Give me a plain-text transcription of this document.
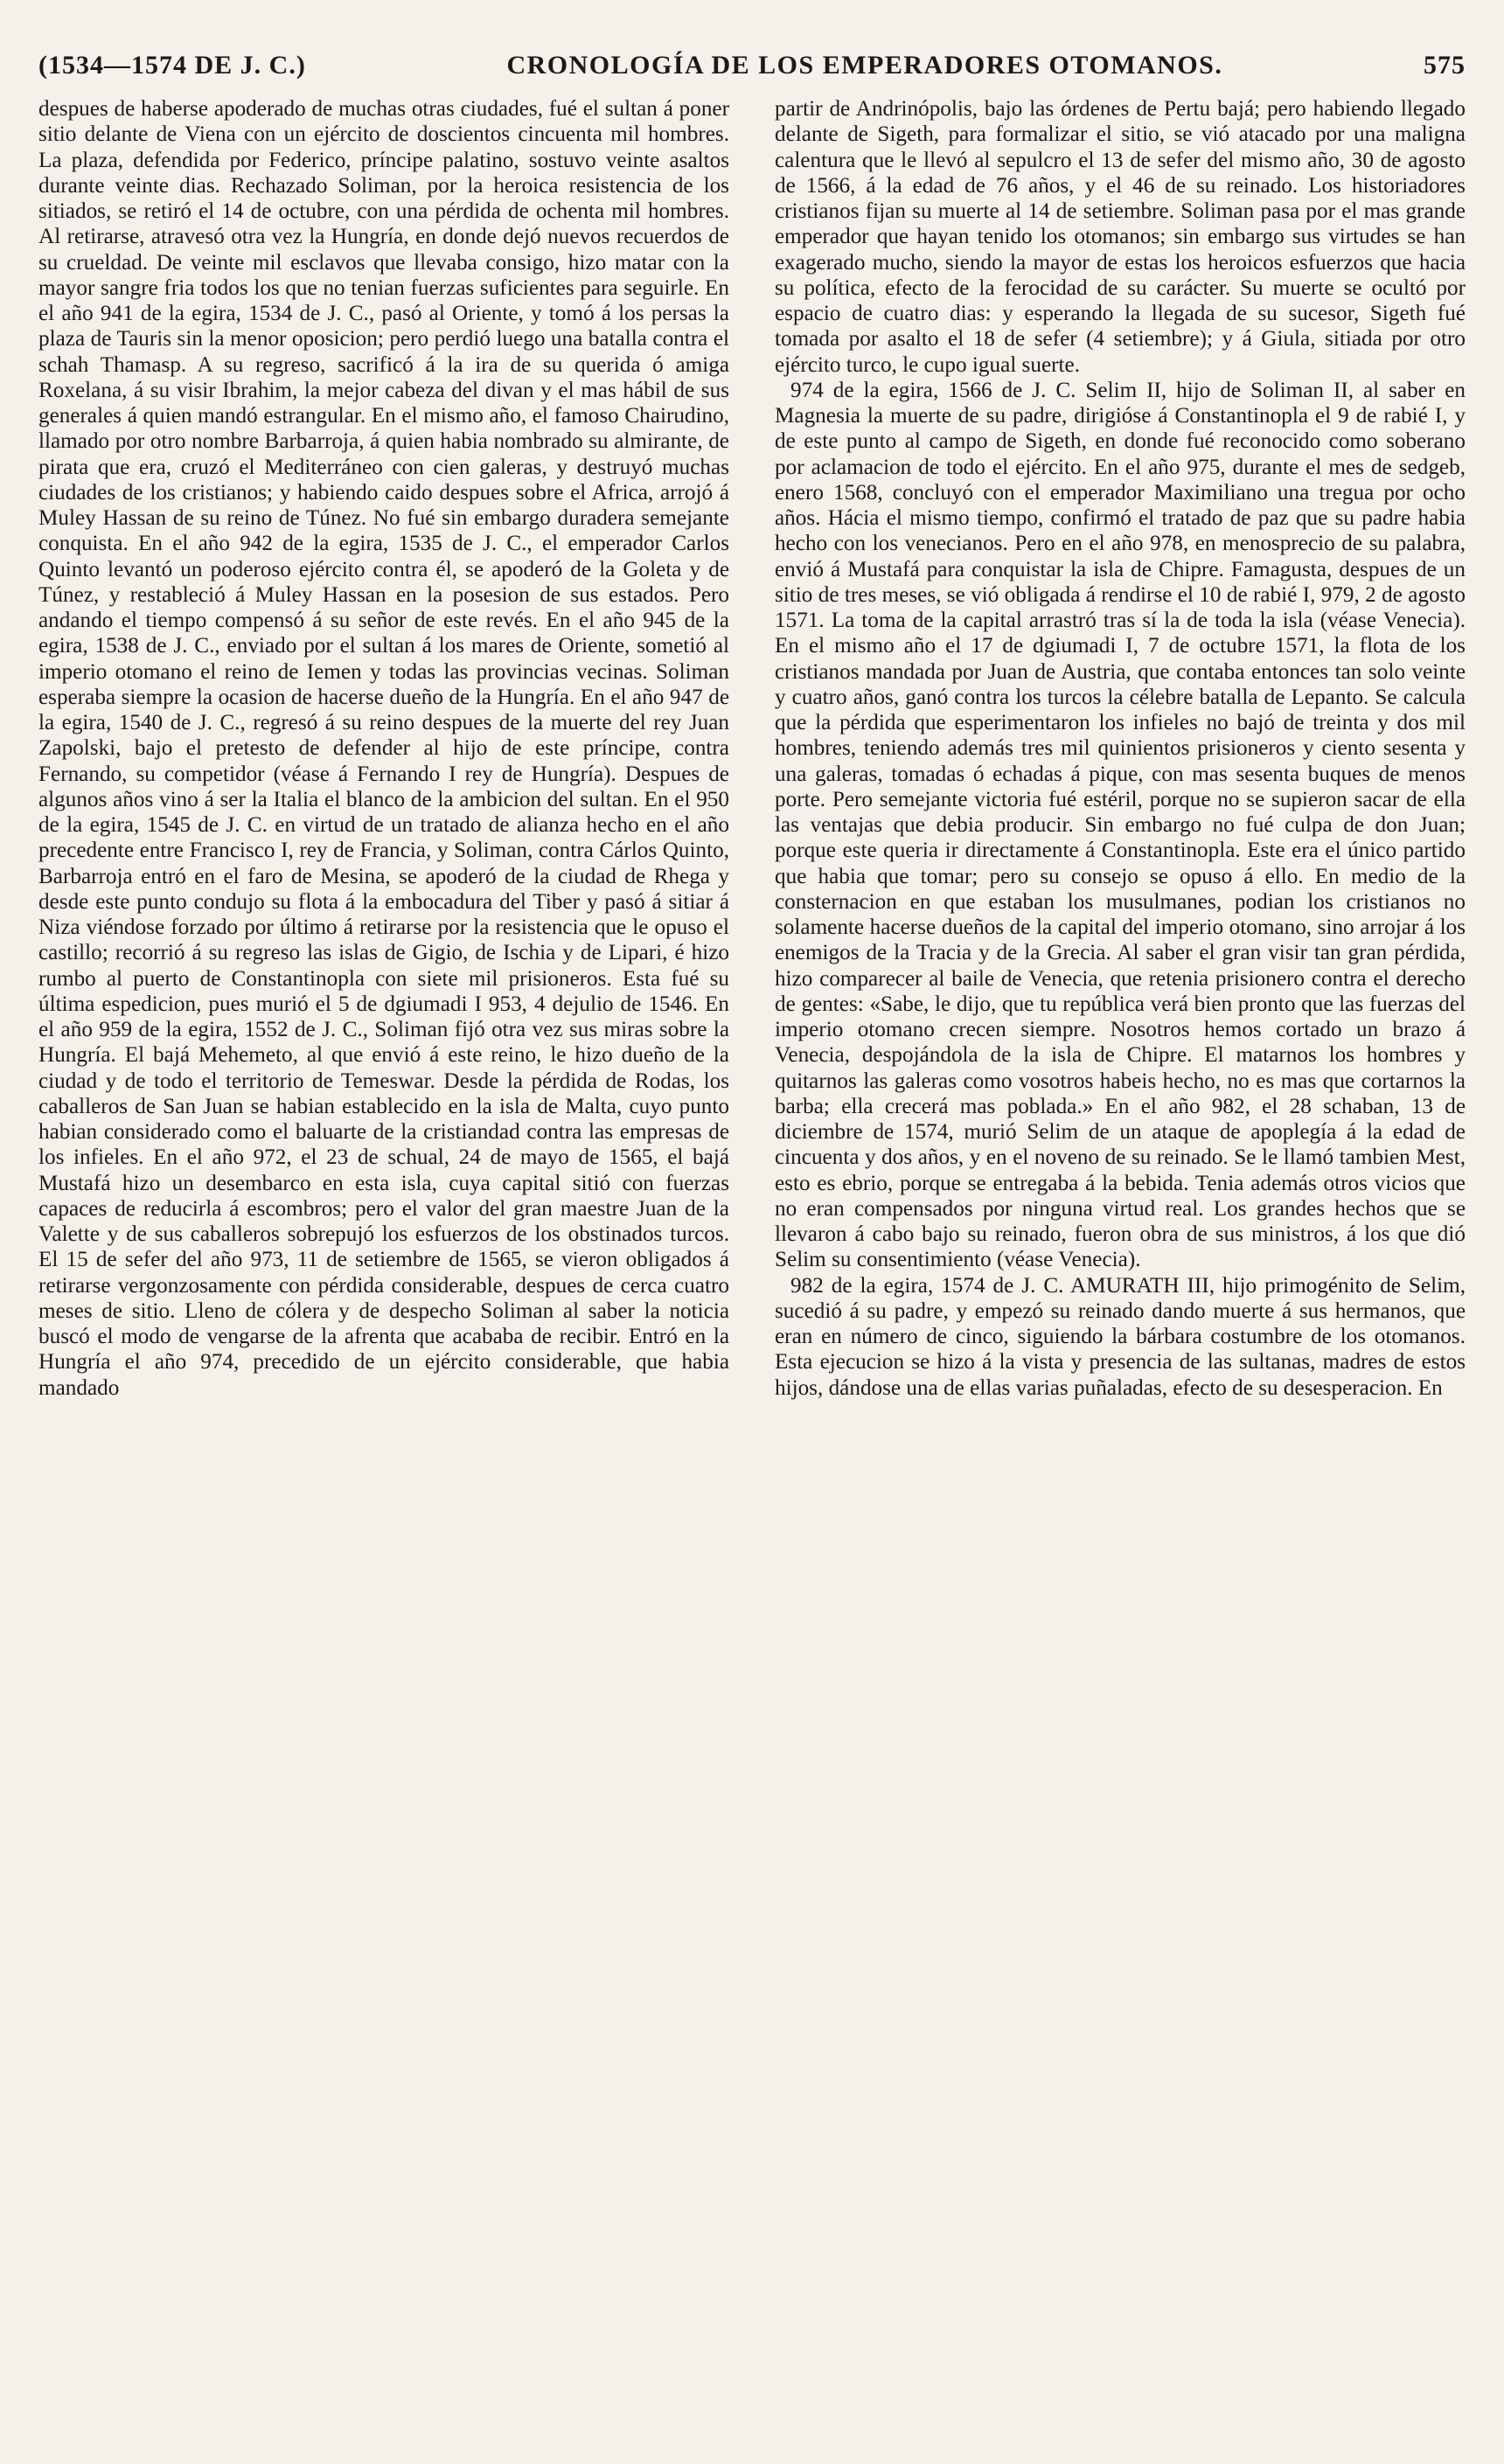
(1534—1574 DE J. C.)	CRONOLOGÍA DE LOS EMPERADORES OTOMANOS.	575

despues de haberse apoderado de muchas otras ciudades, fué el sultan á poner sitio delante de Viena con un ejército de doscientos cincuenta mil hombres. La plaza, defendida por Federico, príncipe palatino, sostuvo veinte asaltos durante veinte dias. Rechazado Soliman, por la heroica resistencia de los sitiados, se retiró el 14 de octubre, con una pérdida de ochenta mil hombres. Al retirarse, atravesó otra vez la Hungría, en donde dejó nuevos recuerdos de su crueldad. De veinte mil esclavos que llevaba consigo, hizo matar con la mayor sangre fria todos los que no tenian fuerzas suficientes para seguirle. En el año 941 de la egira, 1534 de J. C., pasó al Oriente, y tomó á los persas la plaza de Tauris sin la menor oposicion; pero perdió luego una batalla contra el schah Thamasp. A su regreso, sacrificó á la ira de su querida ó amiga Roxelana, á su visir Ibrahim, la mejor cabeza del divan y el mas hábil de sus generales á quien mandó estrangular. En el mismo año, el famoso Chairudino, llamado por otro nombre Barbarroja, á quien habia nombrado su almirante, de pirata que era, cruzó el Mediterráneo con cien galeras, y destruyó muchas ciudades de los cristianos; y habiendo caido despues sobre el Africa, arrojó á Muley Hassan de su reino de Túnez. No fué sin embargo duradera semejante conquista. En el año 942 de la egira, 1535 de J. C., el emperador Carlos Quinto levantó un poderoso ejército contra él, se apoderó de la Goleta y de Túnez, y restableció á Muley Hassan en la posesion de sus estados. Pero andando el tiempo compensó á su señor de este revés. En el año 945 de la egira, 1538 de J. C., enviado por el sultan á los mares de Oriente, sometió al imperio otomano el reino de Iemen y todas las provincias vecinas. Soliman esperaba siempre la ocasion de hacerse dueño de la Hungría. En el año 947 de la egira, 1540 de J. C., regresó á su reino despues de la muerte del rey Juan Zapolski, bajo el pretesto de defender al hijo de este príncipe, contra Fernando, su competidor (véase á Fernando I rey de Hungría). Despues de algunos años vino á ser la Italia el blanco de la ambicion del sultan. En el 950 de la egira, 1545 de J. C. en virtud de un tratado de alianza hecho en el año precedente entre Francisco I, rey de Francia, y Soliman, contra Cárlos Quinto, Barbarroja entró en el faro de Mesina, se apoderó de la ciudad de Rhega y desde este punto condujo su flota á la embocadura del Tiber y pasó á sitiar á Niza viéndose forzado por último á retirarse por la resistencia que le opuso el castillo; recorrió á su regreso las islas de Gigio, de Ischia y de Lipari, é hizo rumbo al puerto de Constantinopla con siete mil prisioneros. Esta fué su última espedicion, pues murió el 5 de dgiumadi I 953, 4 dejulio de 1546. En el año 959 de la egira, 1552 de J. C., Soliman fijó otra vez sus miras sobre la Hungría. El bajá Mehemeto, al que envió á este reino, le hizo dueño de la ciudad y de todo el territorio de Temeswar. Desde la pérdida de Rodas, los caballeros de San Juan se habian establecido en la isla de Malta, cuyo punto habian considerado como el baluarte de la cristiandad contra las empresas de los infieles. En el año 972, el 23 de schual, 24 de mayo de 1565, el bajá Mustafá hizo un desembarco en esta isla, cuya capital sitió con fuerzas capaces de reducirla á escombros; pero el valor del gran maestre Juan de la Valette y de sus caballeros sobrepujó los esfuerzos de los obstinados turcos. El 15 de sefer del año 973, 11 de setiembre de 1565, se vieron obligados á retirarse vergonzosamente con pérdida considerable, despues de cerca cuatro meses de sitio. Lleno de cólera y de despecho Soliman al saber la noticia buscó el modo de vengarse de la afrenta que acababa de recibir. Entró en la Hungría el año 974, precedido de un ejército considerable, que habia mandado

partir de Andrinópolis, bajo las órdenes de Pertu bajá; pero habiendo llegado delante de Sigeth, para formalizar el sitio, se vió atacado por una maligna calentura que le llevó al sepulcro el 13 de sefer del mismo año, 30 de agosto de 1566, á la edad de 76 años, y el 46 de su reinado. Los historiadores cristianos fijan su muerte al 14 de setiembre. Soliman pasa por el mas grande emperador que hayan tenido los otomanos; sin embargo sus virtudes se han exagerado mucho, siendo la mayor de estas los heroicos esfuerzos que hacia su política, efecto de la ferocidad de su carácter. Su muerte se ocultó por espacio de cuatro dias: y esperando la llegada de su sucesor, Sigeth fué tomada por asalto el 18 de sefer (4 setiembre); y á Giula, sitiada por otro ejército turco, le cupo igual suerte.

974 de la egira, 1566 de J. C. Selim II, hijo de Soliman II, al saber en Magnesia la muerte de su padre, dirigióse á Constantinopla el 9 de rabié I, y de este punto al campo de Sigeth, en donde fué reconocido como soberano por aclamacion de todo el ejército. En el año 975, durante el mes de sedgeb, enero 1568, concluyó con el emperador Maximiliano una tregua por ocho años. Hácia el mismo tiempo, confirmó el tratado de paz que su padre habia hecho con los venecianos. Pero en el año 978, en menosprecio de su palabra, envió á Mustafá para conquistar la isla de Chipre. Famagusta, despues de un sitio de tres meses, se vió obligada á rendirse el 10 de rabié I, 979, 2 de agosto 1571. La toma de la capital arrastró tras sí la de toda la isla (véase Venecia). En el mismo año el 17 de dgiumadi I, 7 de octubre 1571, la flota de los cristianos mandada por Juan de Austria, que contaba entonces tan solo veinte y cuatro años, ganó contra los turcos la célebre batalla de Lepanto. Se calcula que la pérdida que esperimentaron los infieles no bajó de treinta y dos mil hombres, teniendo además tres mil quinientos prisioneros y ciento sesenta y una galeras, tomadas ó echadas á pique, con mas sesenta buques de menos porte. Pero semejante victoria fué estéril, porque no se supieron sacar de ella las ventajas que debia producir. Sin embargo no fué culpa de don Juan; porque este queria ir directamente á Constantinopla. Este era el único partido que habia que tomar; pero su consejo se opuso á ello. En medio de la consternacion en que estaban los musulmanes, podian los cristianos no solamente hacerse dueños de la capital del imperio otomano, sino arrojar á los enemigos de la Tracia y de la Grecia. Al saber el gran visir tan gran pérdida, hizo comparecer al baile de Venecia, que retenia prisionero contra el derecho de gentes: «Sabe, le dijo, que tu república verá bien pronto que las fuerzas del imperio otomano crecen siempre. Nosotros hemos cortado un brazo á Venecia, despojándola de la isla de Chipre. El matarnos los hombres y quitarnos las galeras como vosotros habeis hecho, no es mas que cortarnos la barba; ella crecerá mas poblada.» En el año 982, el 28 schaban, 13 de diciembre de 1574, murió Selim de un ataque de apoplegía á la edad de cincuenta y dos años, y en el noveno de su reinado. Se le llamó tambien Mest, esto es ebrio, porque se entregaba á la bebida. Tenia además otros vicios que no eran compensados por ninguna virtud real. Los grandes hechos que se llevaron á cabo bajo su reinado, fueron obra de sus ministros, á los que dió Selim su consentimiento (véase Venecia).

982 de la egira, 1574 de J. C. AMURATH III, hijo primogénito de Selim, sucedió á su padre, y empezó su reinado dando muerte á sus hermanos, que eran en número de cinco, siguiendo la bárbara costumbre de los otomanos. Esta ejecucion se hizo á la vista y presencia de las sultanas, madres de estos hijos, dándose una de ellas varias puñaladas, efecto de su desesperacion. En
